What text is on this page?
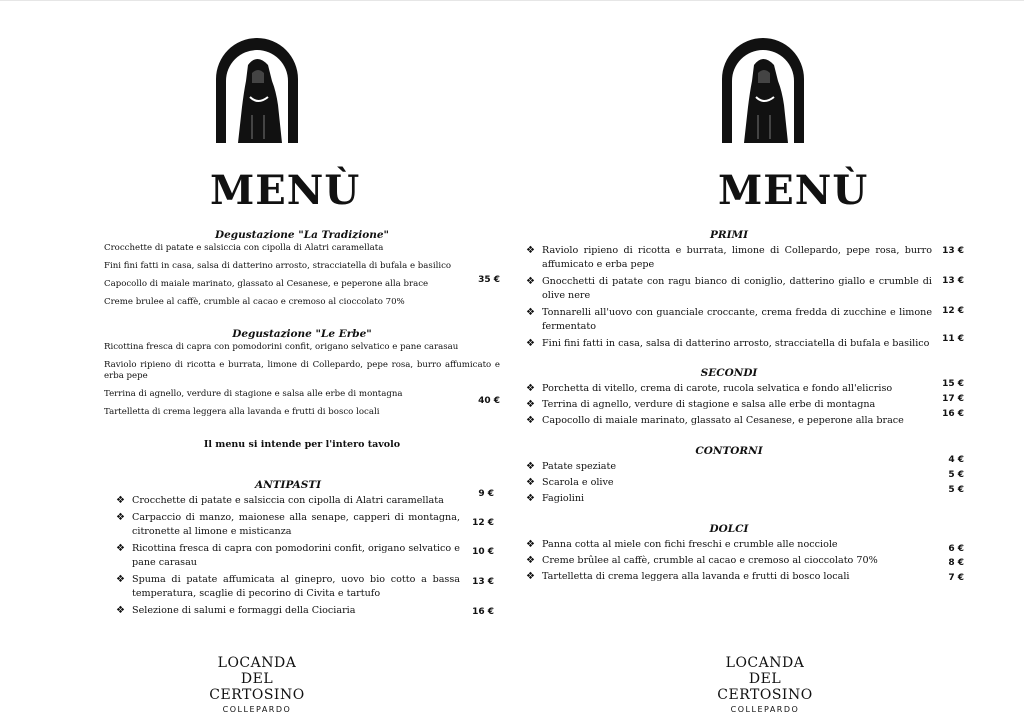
MENÙ
Degustazione "La Tradizione"
Crocchette di patate e salsiccia con cipolla di Alatri caramellata
Fini fini fatti in casa, salsa di datterino arrosto, stracciatella di bufala e basilico
Capocollo di maiale marinato, glassato al Cesanese, e peperone alla brace
Creme brulee al caffè, crumble al cacao e cremoso al cioccolato 70%
35 €
Degustazione "Le Erbe"
Ricottina fresca di capra con pomodorini confit, origano selvatico e pane carasau
Raviolo ripieno di ricotta e burrata, limone di Collepardo, pepe rosa, burro affumicato e erba pepe
Terrina di agnello, verdure di stagione e salsa alle erbe di montagna
Tartelletta di crema leggera alla lavanda e frutti di bosco locali
40 €
Il menu si intende per l'intero tavolo
ANTIPASTI
❖ Crocchette di patate e salsiccia con cipolla di Alatri caramellata
❖ Carpaccio di manzo, maionese alla senape, capperi di montagna, citronette al limone e misticanza
❖ Ricottina fresca di capra con pomodorini confit, origano selvatico e pane carasau
❖ Spuma di patate affumicata al ginepro, uovo bio cotto a bassa temperatura, scaglie di pecorino di Civita e tartufo
❖ Selezione di salumi e formaggi della Ciociaria
9 €
12 €
10 €
13 €
16 €
LOCANDA
DEL CERTOSINO
COLLEPARDO
MENÙ
PRIMI
❖ Raviolo ripieno di ricotta e burrata, limone di Collepardo, pepe rosa, burro affumicato e erba pepe
❖ Gnocchetti di patate con ragu bianco di coniglio, datterino giallo e crumble di olive nere
❖ Tonnarelli all'uovo con guanciale croccante, crema fredda di zucchine e limone fermentato
❖ Fini fini fatti in casa, salsa di datterino arrosto, stracciatella di bufala e basilico
13 €
13 €
12 €
11 €
SECONDI
❖ Porchetta di vitello, crema di carote, rucola selvatica e fondo all'elicriso
❖ Terrina di agnello, verdure di stagione e salsa alle erbe di montagna
❖ Capocollo di maiale marinato, glassato al Cesanese, e peperone alla brace
15 €
17 €
16 €
CONTORNI
❖ Patate speziate
❖ Scarola e olive
❖ Fagiolini
4 €
5 €
5 €
DOLCI
❖ Panna cotta al miele con fichi freschi e crumble alle nocciole
❖ Creme brûlee al caffè, crumble al cacao e cremoso al cioccolato 70%
❖ Tartelletta di crema leggera alla lavanda e frutti di bosco locali
6 €
8 €
7 €
LOCANDA
DEL CERTOSINO
COLLEPARDO
